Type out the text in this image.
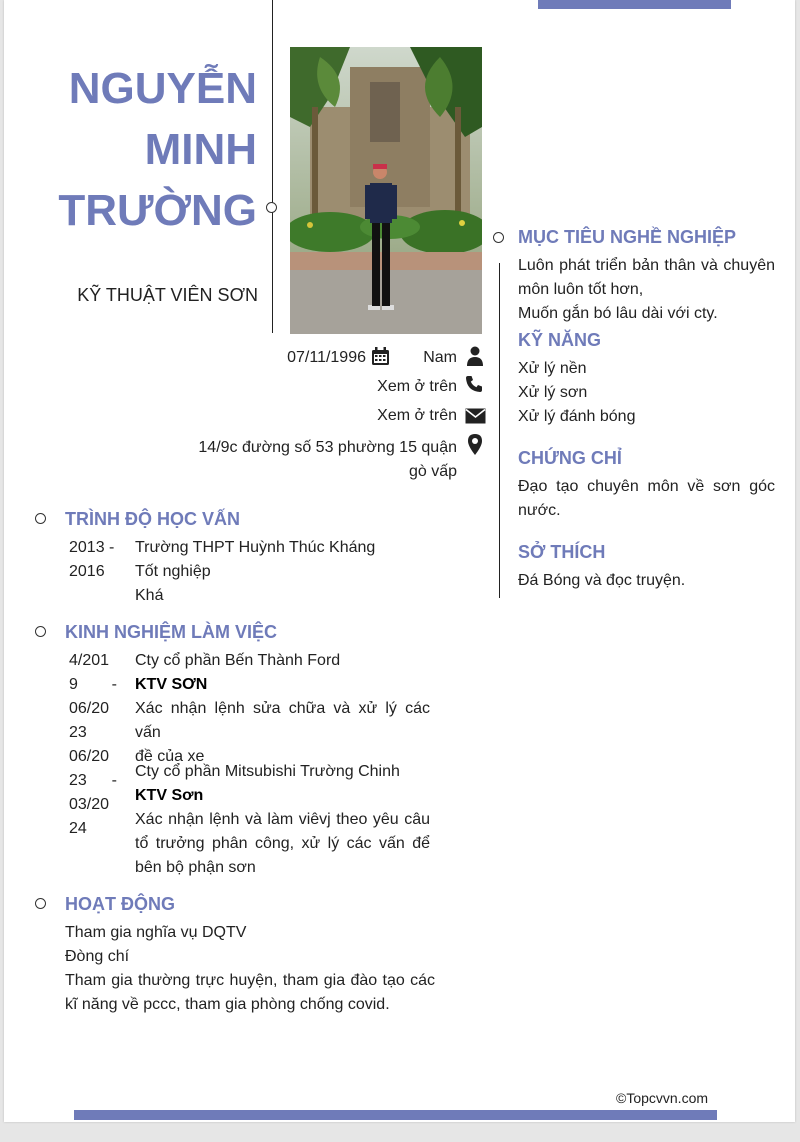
NGUYỄN
MINH
TRƯỜNG
KỸ THUẬT VIÊN SƠN
07/11/1996	Nam
Xem ở trên
Xem ở trên
14/9c đường số 53 phường 15 quận
gò vấp
TRÌNH ĐỘ HỌC VẤN
2013 -
2016
Trường THPT Huỳnh Thúc Kháng
Tốt nghiệp
Khá
KINH NGHIỆM LÀM VIỆC
4/201
9 -
06/20
23
Cty cổ phần Bến Thành Ford
KTV SƠN
Xác nhận lệnh sửa chữa và xử lý các vấn
đề của xe
06/20
23 -
03/20
24
Cty cổ phần Mitsubishi Trường Chinh
KTV Sơn
Xác nhận lệnh và làm viêvj theo yêu câu
tổ trưởng phân công, xử lý các vấn để
bên bộ phận sơn
HOẠT ĐỘNG
Tham gia nghĩa vụ DQTV
Đòng chí
Tham gia thường trực huyện, tham gia đào tạo các
kĩ năng về pccc, tham gia phòng chống covid.
MỤC TIÊU NGHỀ NGHIỆP
Luôn phát triển bản thân và chuyên
môn luôn tốt hơn,
Muốn gắn bó lâu dài với cty.
KỸ NĂNG
Xử lý nền
Xử lý sơn
Xử lý đánh bóng
CHỨNG CHỈ
Đạo tạo chuyên môn về sơn góc
nước.
SỞ THÍCH
Đá Bóng và đọc truyện.
©Topcvvn.com
